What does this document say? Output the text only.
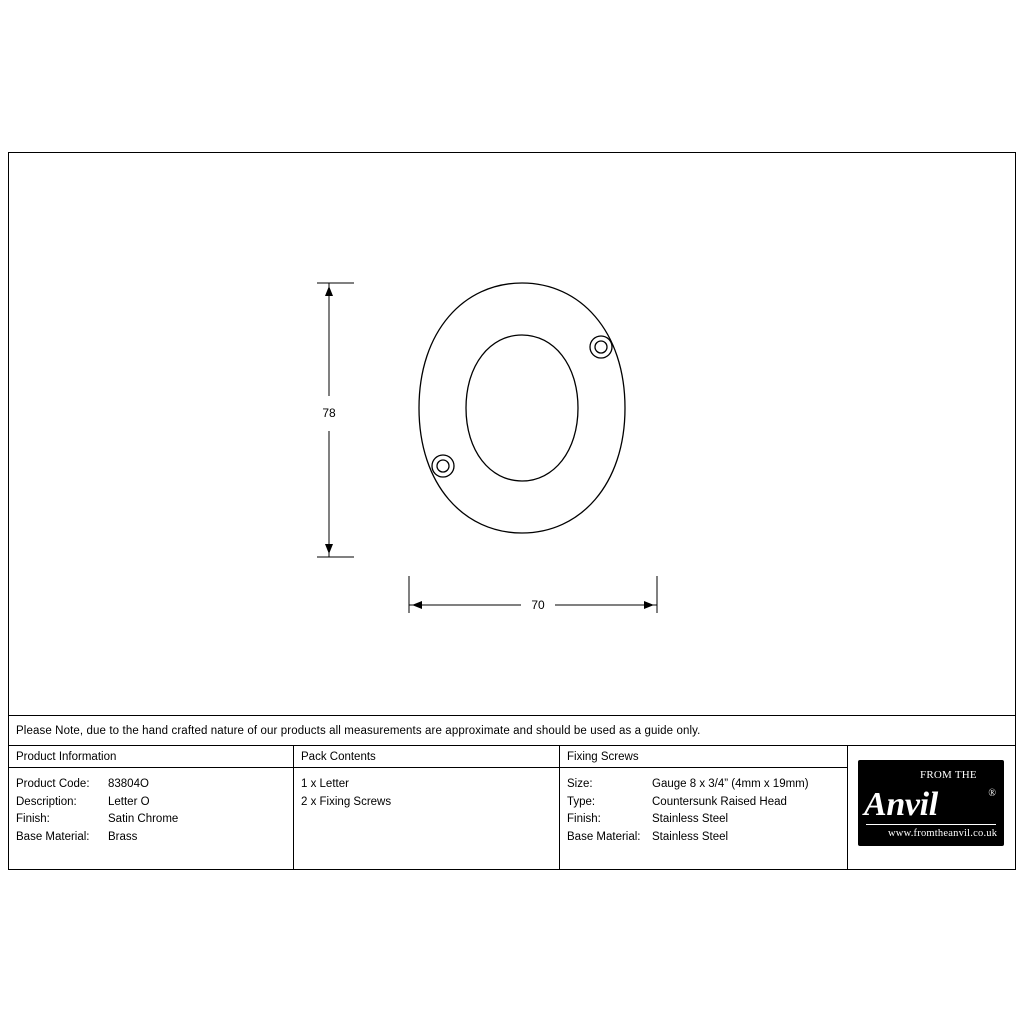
78
70
Please Note, due to the hand crafted nature of our products all measurements are approximate and should be used as a guide only.
Product Information
Product Code:	83804O
Description:	Letter O
Finish:	Satin Chrome
Base Material:	Brass
Pack Contents
1 x Letter
2 x Fixing Screws
Fixing Screws
Size:	Gauge 8 x 3/4” (4mm x 19mm)
Type:	Countersunk Raised Head
Finish:	Stainless Steel
Base Material: Stainless Steel
FROM THE
Anvil	®
www.fromtheanvil.co.uk
